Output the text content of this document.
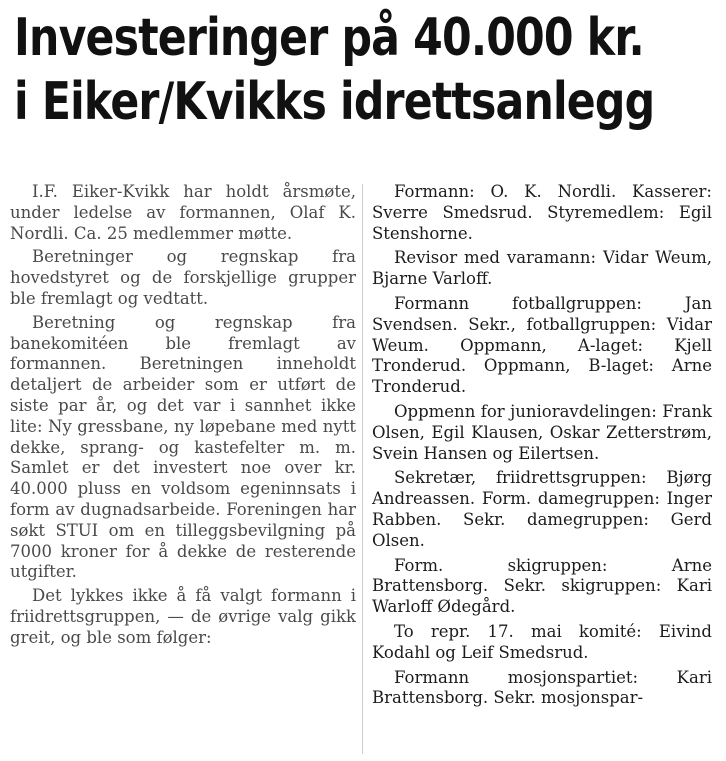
Investeringer på 40.000 kr.
i Eiker/Kvikks idrettsanlegg

I.F. Eiker-Kvikk har holdt årsmøte, under ledelse av formannen, Olaf K. Nordli. Ca. 25 medlemmer møtte.

Beretninger og regnskap fra hovedstyret og de forskjellige grupper ble fremlagt og vedtatt.

Beretning og regnskap fra banekomitéen ble fremlagt av formannen. Beretningen inneholdt detaljert de arbeider som er utført de siste par år, og det var i sannhet ikke lite: Ny gressbane, ny løpebane med nytt dekke, sprang- og kastefelter m. m. Samlet er det investert noe over kr. 40.000 pluss en voldsom egeninnsats i form av dugnadsarbeide. Foreningen har søkt STUI om en tilleggsbevilgning på 7000 kroner for å dekke de resterende utgifter.

Det lykkes ikke å få valgt formann i friidrettsgruppen, — de øvrige valg gikk greit, og ble som følger:

Formann: O. K. Nordli. Kasserer: Sverre Smedsrud. Styremedlem: Egil Stenshorne.

Revisor med varamann: Vidar Weum, Bjarne Varloff.

Formann fotballgruppen: Jan Svendsen. Sekr., fotballgruppen: Vidar Weum. Oppmann, A-laget: Kjell Tronderud. Oppmann, B-laget: Arne Tronderud.

Oppmenn for junioravdelingen: Frank Olsen, Egil Klausen, Oskar Zetterstrøm, Svein Hansen og Eilertsen.

Sekretær, friidrettsgruppen: Bjørg Andreassen. Form. damegruppen: Inger Rabben. Sekr. damegruppen: Gerd Olsen.

Form. skigruppen: Arne Brattensborg. Sekr. skigruppen: Kari Warloff Ødegård.

To repr. 17. mai komité: Eivind Kodahl og Leif Smedsrud.

Formann mosjonspartiet: Kari Brattensborg. Sekr. mosjonspar-
